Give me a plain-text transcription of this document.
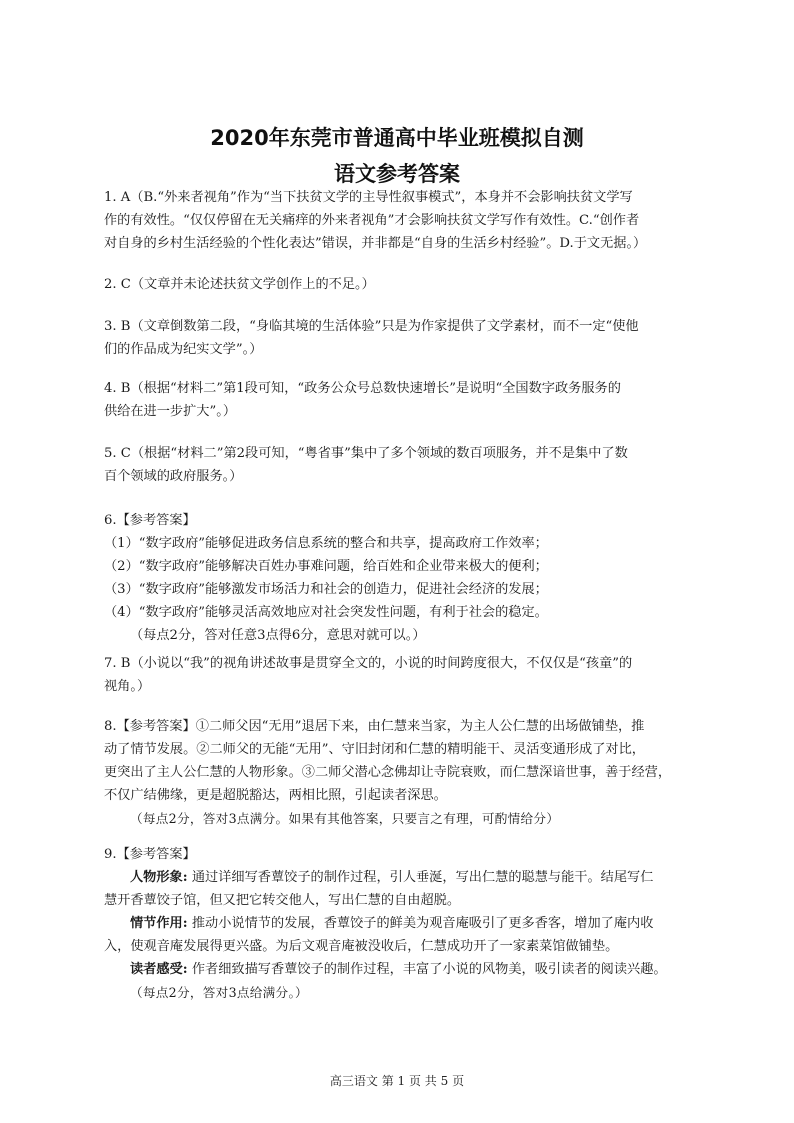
2020年东莞市普通高中毕业班模拟自测
语文参考答案
1. A（B.“外来者视角”作为“当下扶贫文学的主导性叙事模式”，本身并不会影响扶贫文学写
作的有效性。“仅仅停留在无关痛痒的外来者视角”才会影响扶贫文学写作有效性。C.“创作者
对自身的乡村生活经验的个性化表达”错误，并非都是“自身的生活乡村经验”。D.于文无据。）
2. C（文章并未论述扶贫文学创作上的不足。）
3. B（文章倒数第二段，“身临其境的生活体验”只是为作家提供了文学素材，而不一定“使他
们的作品成为纪实文学”。）
4. B（根据“材料二”第1段可知，“政务公众号总数快速增长”是说明“全国数字政务服务的
供给在进一步扩大”。）
5. C（根据“材料二”第2段可知，“粤省事”集中了多个领域的数百项服务，并不是集中了数
百个领域的政府服务。）
6.【参考答案】
（1）“数字政府”能够促进政务信息系统的整合和共享，提高政府工作效率；
（2）“数字政府”能够解决百姓办事难问题，给百姓和企业带来极大的便利；
（3）“数字政府”能够激发市场活力和社会的创造力，促进社会经济的发展；
（4）“数字政府”能够灵活高效地应对社会突发性问题，有利于社会的稳定。
（每点2分，答对任意3点得6分，意思对就可以。）
7. B（小说以“我”的视角讲述故事是贯穿全文的，小说的时间跨度很大，不仅仅是“孩童”的
视角。）
8.【参考答案】①二师父因“无用”退居下来，由仁慧来当家，为主人公仁慧的出场做铺垫，推
动了情节发展。②二师父的无能“无用”、守旧封闭和仁慧的精明能干、灵活变通形成了对比，
更突出了主人公仁慧的人物形象。③二师父潜心念佛却让寺院衰败，而仁慧深谙世事，善于经营，
不仅广结佛缘，更是超脱豁达，两相比照，引起读者深思。
（每点2分，答对3点满分。如果有其他答案，只要言之有理，可酌情给分）
9.【参考答案】
人物形象: 通过详细写香蕈饺子的制作过程，引人垂涎，写出仁慧的聪慧与能干。结尾写仁
慧开香蕈饺子馆，但又把它转交他人，写出仁慧的自由超脱。
情节作用: 推动小说情节的发展，香蕈饺子的鲜美为观音庵吸引了更多香客，增加了庵内收
入，使观音庵发展得更兴盛。为后文观音庵被没收后，仁慧成功开了一家素菜馆做铺垫。
读者感受: 作者细致描写香蕈饺子的制作过程，丰富了小说的风物美，吸引读者的阅读兴趣。
（每点2分，答对3点给满分。）
高三语文 第 1 页 共 5 页
